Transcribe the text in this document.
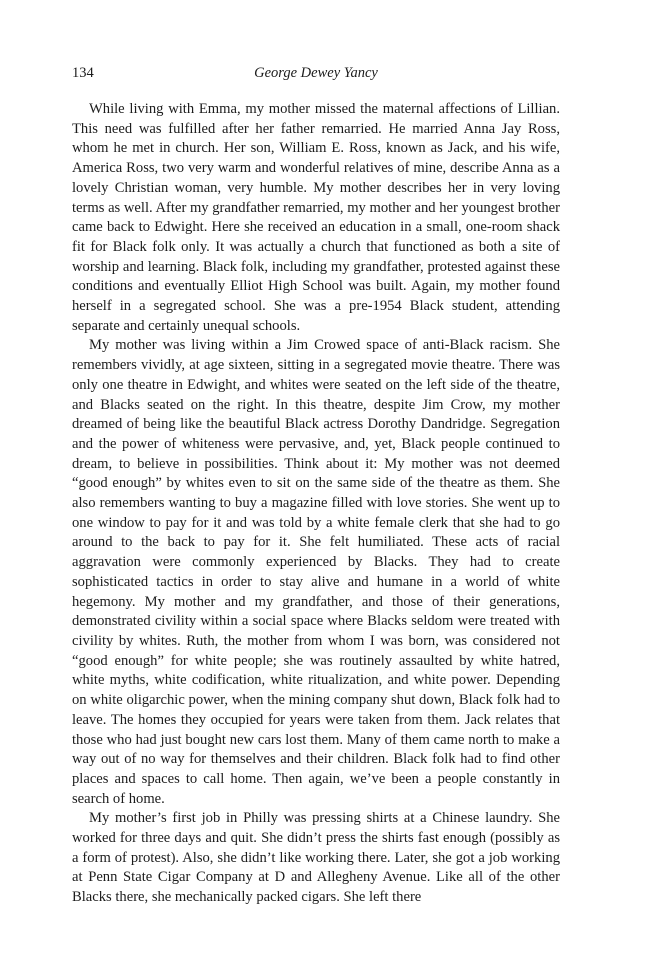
134	George Dewey Yancy

While living with Emma, my mother missed the maternal affections of Lillian. This need was fulfilled after her father remarried. He married Anna Jay Ross, whom he met in church. Her son, William E. Ross, known as Jack, and his wife, America Ross, two very warm and wonderful relatives of mine, describe Anna as a lovely Christian woman, very humble. My mother describes her in very loving terms as well. After my grandfather remarried, my mother and her youngest brother came back to Edwight. Here she received an education in a small, one-room shack fit for Black folk only. It was actually a church that functioned as both a site of worship and learning. Black folk, including my grandfather, protested against these conditions and eventually Elliot High School was built. Again, my mother found herself in a segregated school. She was a pre-1954 Black student, attending separate and certainly unequal schools.

My mother was living within a Jim Crowed space of anti-Black racism. She remembers vividly, at age sixteen, sitting in a segregated movie theatre. There was only one theatre in Edwight, and whites were seated on the left side of the theatre, and Blacks seated on the right. In this theatre, despite Jim Crow, my mother dreamed of being like the beautiful Black actress Dorothy Dandridge. Segregation and the power of whiteness were pervasive, and, yet, Black people continued to dream, to believe in possibilities. Think about it: My mother was not deemed “good enough” by whites even to sit on the same side of the theatre as them. She also remembers wanting to buy a magazine filled with love stories. She went up to one window to pay for it and was told by a white female clerk that she had to go around to the back to pay for it. She felt humiliated. These acts of racial aggravation were commonly experienced by Blacks. They had to create sophisticated tactics in order to stay alive and humane in a world of white hegemony. My mother and my grandfather, and those of their generations, demonstrated civility within a social space where Blacks seldom were treated with civility by whites. Ruth, the mother from whom I was born, was considered not “good enough” for white people; she was routinely assaulted by white hatred, white myths, white codification, white ritualization, and white power. Depending on white oligarchic power, when the mining company shut down, Black folk had to leave. The homes they occupied for years were taken from them. Jack relates that those who had just bought new cars lost them. Many of them came north to make a way out of no way for themselves and their children. Black folk had to find other places and spaces to call home. Then again, we’ve been a people constantly in search of home.

My mother’s first job in Philly was pressing shirts at a Chinese laundry. She worked for three days and quit. She didn’t press the shirts fast enough (possibly as a form of protest). Also, she didn’t like working there. Later, she got a job working at Penn State Cigar Company at D and Allegheny Avenue. Like all of the other Blacks there, she mechanically packed cigars. She left there
